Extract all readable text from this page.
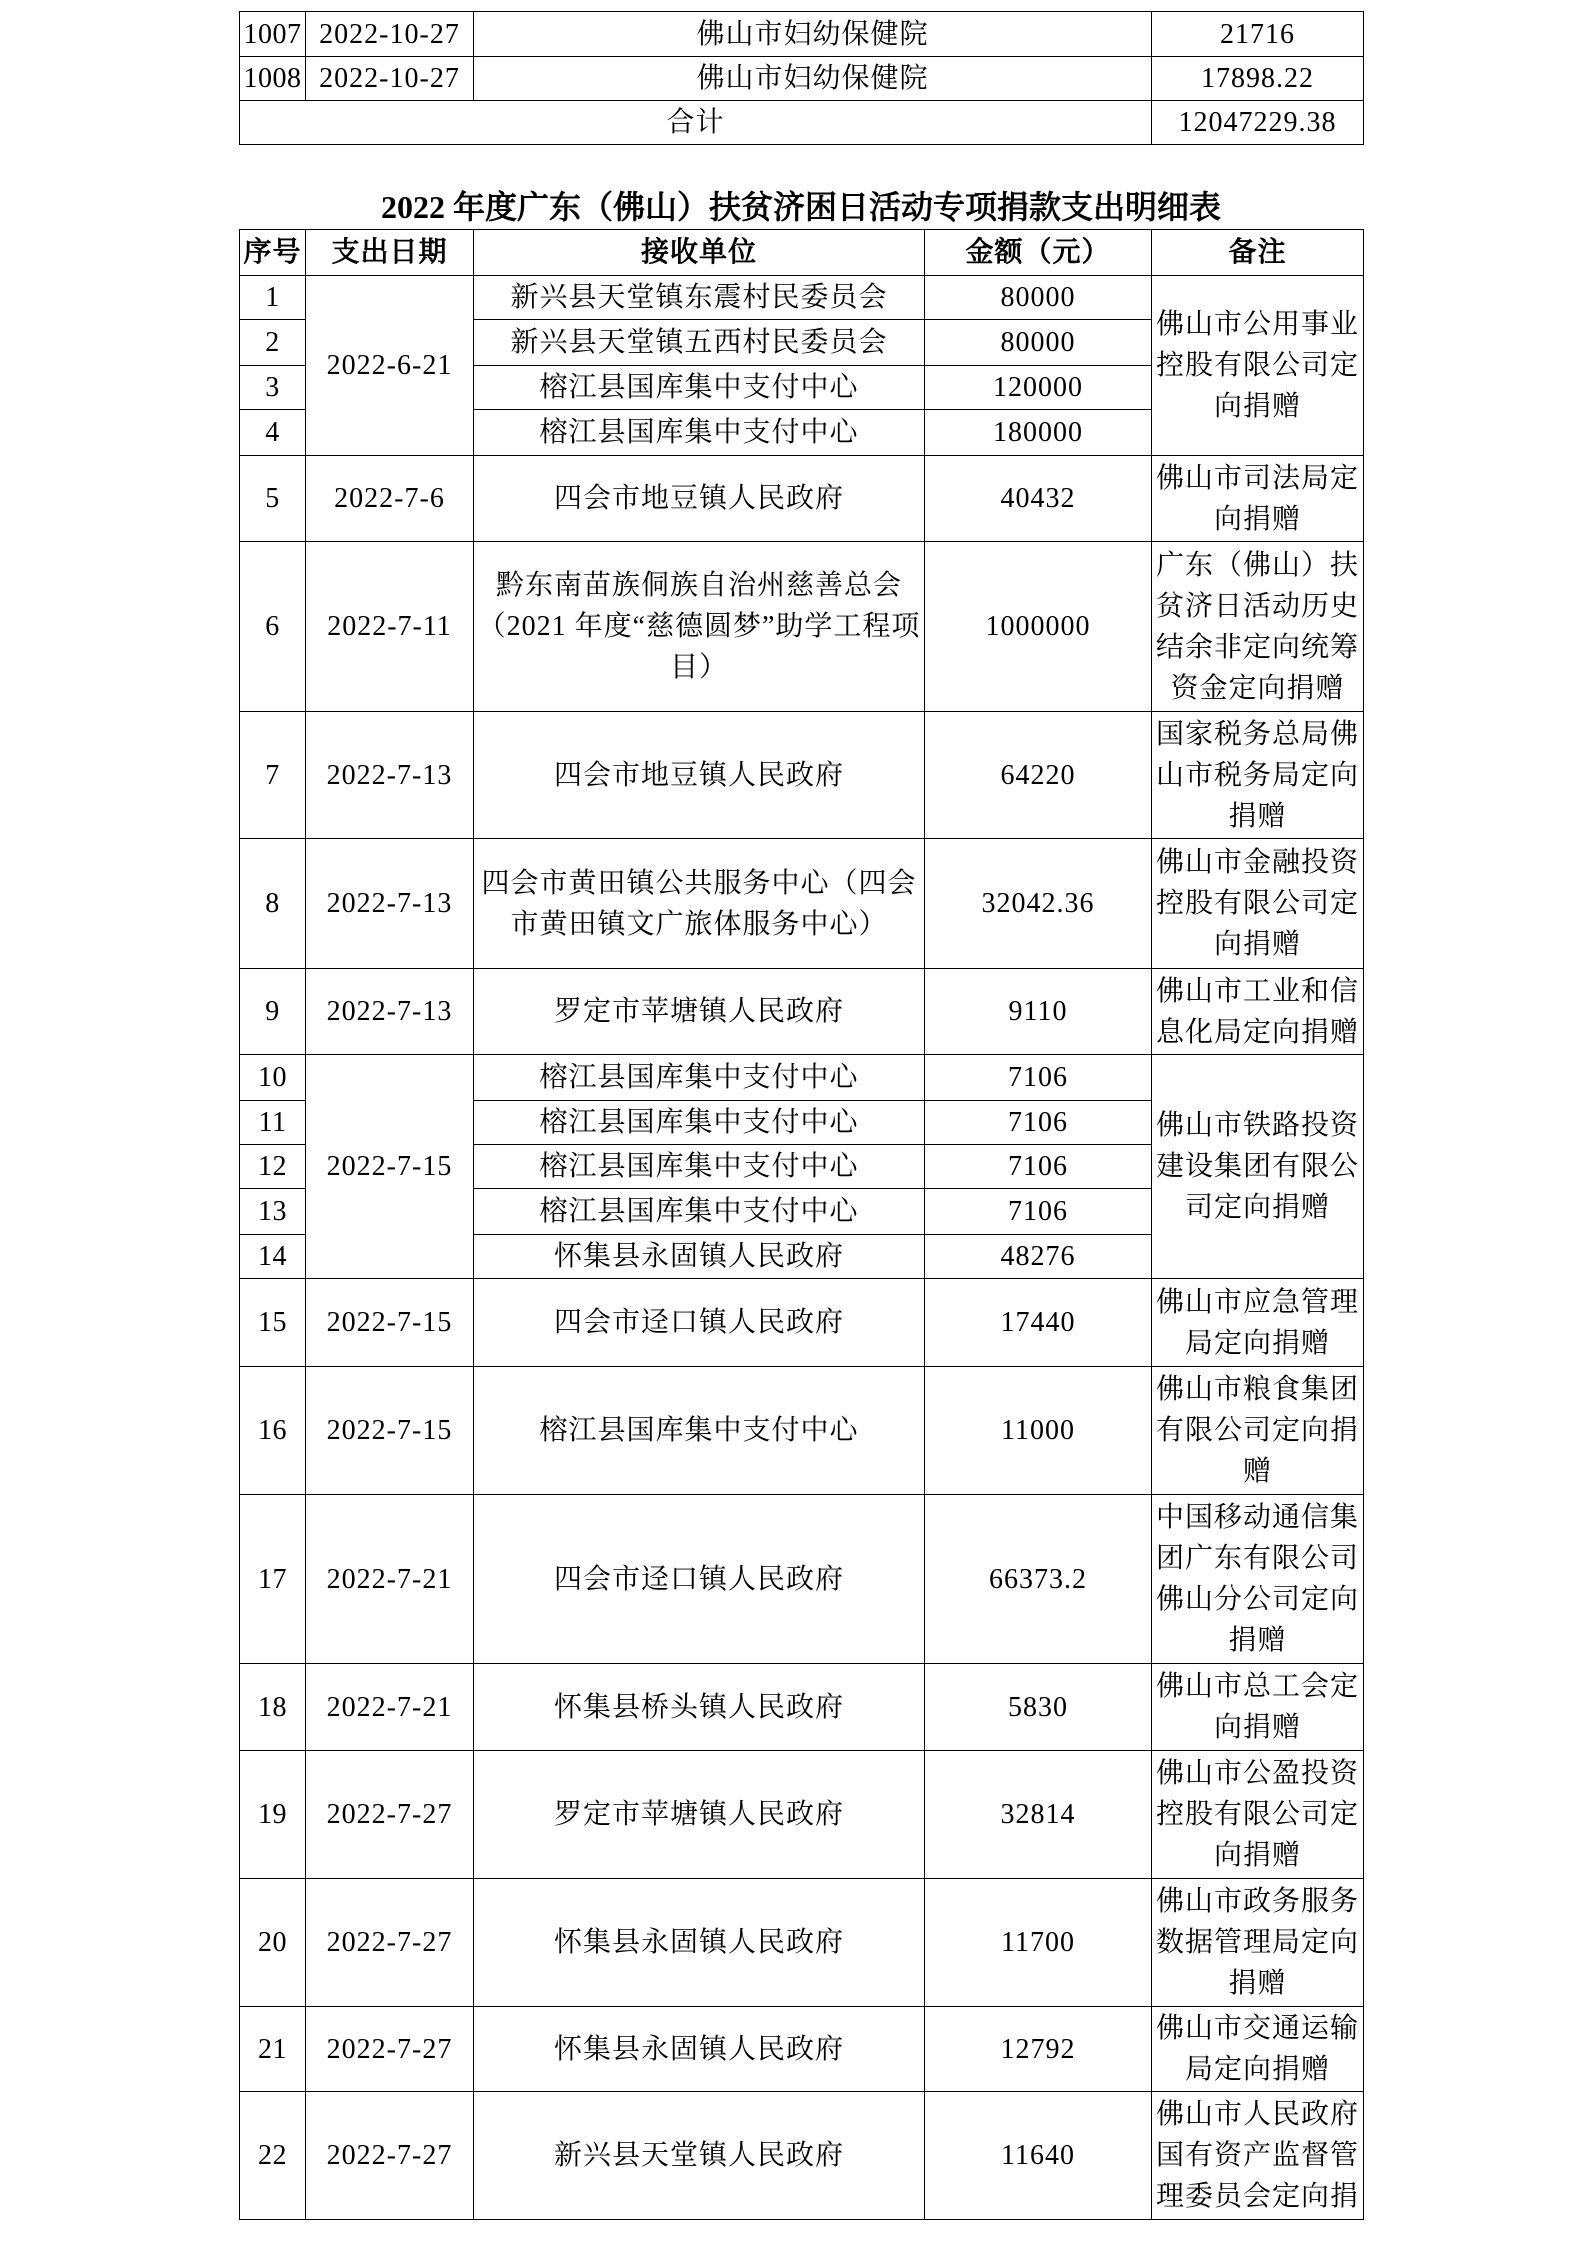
1007	2022-10-27	佛山市妇幼保健院	21716
1008	2022-10-27	佛山市妇幼保健院	17898.22
合计			12047229.38
2022 年度广东（佛山）扶贫济困日活动专项捐款支出明细表
序号	支出日期	接收单位	金额（元）	备注
1	2022-6-21	新兴县天堂镇东震村民委员会	80000	佛山市公用事业控股有限公司定向捐赠
2		新兴县天堂镇五西村民委员会	80000	
3		榕江县国库集中支付中心	120000	
4		榕江县国库集中支付中心	180000	
5	2022-7-6	四会市地豆镇人民政府	40432	佛山市司法局定向捐赠
6	2022-7-11	黔东南苗族侗族自治州慈善总会（2021 年度“慈德圆梦”助学工程项目）	1000000	广东（佛山）扶贫济日活动历史结余非定向统筹资金定向捐赠
7	2022-7-13	四会市地豆镇人民政府	64220	国家税务总局佛山市税务局定向捐赠
8	2022-7-13	四会市黄田镇公共服务中心（四会市黄田镇文广旅体服务中心）	32042.36	佛山市金融投资控股有限公司定向捐赠
9	2022-7-13	罗定市苹塘镇人民政府	9110	佛山市工业和信息化局定向捐赠
10	2022-7-15	榕江县国库集中支付中心	7106	佛山市铁路投资建设集团有限公司定向捐赠
11		榕江县国库集中支付中心	7106	
12		榕江县国库集中支付中心	7106	
13		榕江县国库集中支付中心	7106	
14		怀集县永固镇人民政府	48276	
15	2022-7-15	四会市迳口镇人民政府	17440	佛山市应急管理局定向捐赠
16	2022-7-15	榕江县国库集中支付中心	11000	佛山市粮食集团有限公司定向捐赠
17	2022-7-21	四会市迳口镇人民政府	66373.2	中国移动通信集团广东有限公司佛山分公司定向捐赠
18	2022-7-21	怀集县桥头镇人民政府	5830	佛山市总工会定向捐赠
19	2022-7-27	罗定市苹塘镇人民政府	32814	佛山市公盈投资控股有限公司定向捐赠
20	2022-7-27	怀集县永固镇人民政府	11700	佛山市政务服务数据管理局定向捐赠
21	2022-7-27	怀集县永固镇人民政府	12792	佛山市交通运输局定向捐赠
22	2022-7-27	新兴县天堂镇人民政府	11640	佛山市人民政府国有资产监督管理委员会定向捐
